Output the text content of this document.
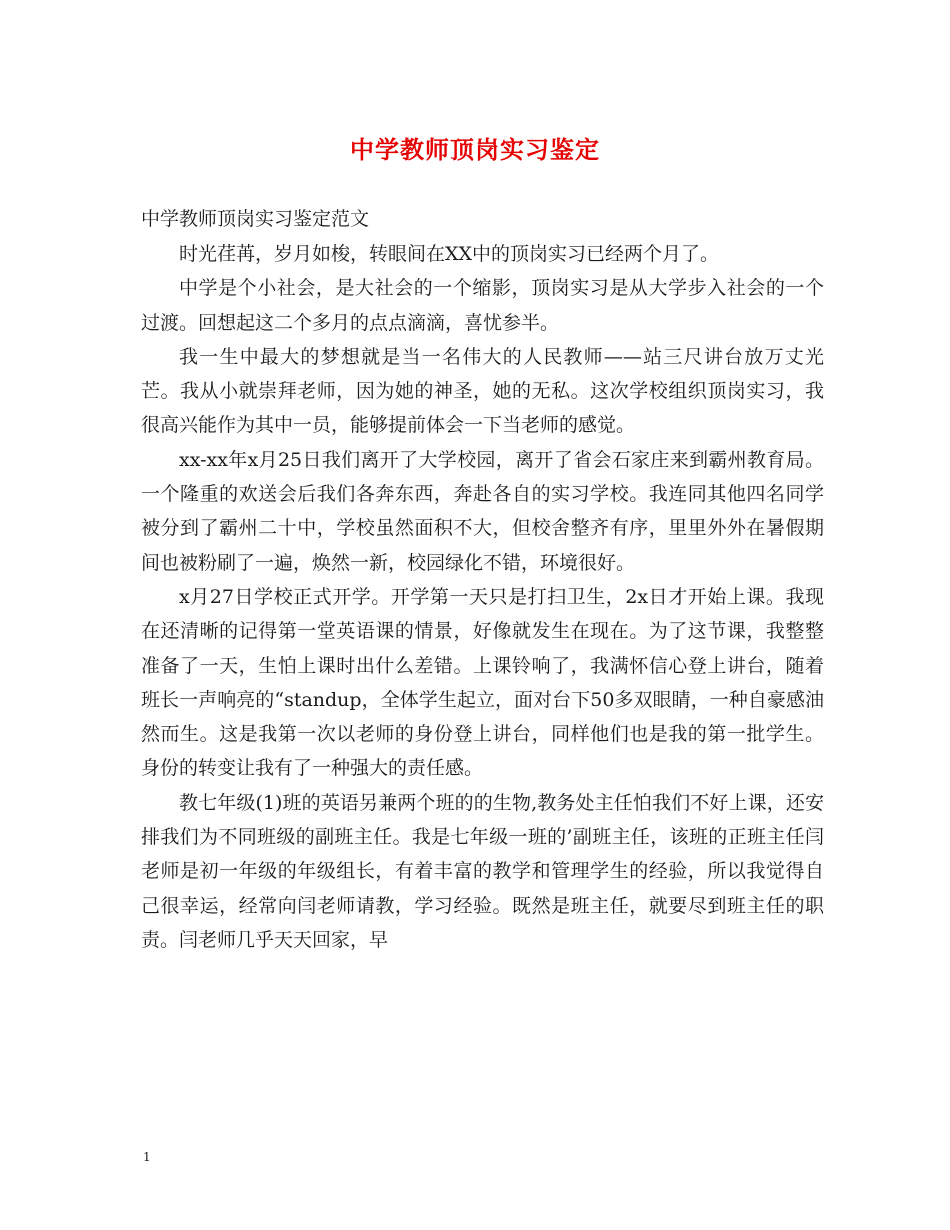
中学教师顶岗实习鉴定
中学教师顶岗实习鉴定范文

时光荏苒，岁月如梭，转眼间在XX中的顶岗实习已经两个月了。

中学是个小社会，是大社会的一个缩影，顶岗实习是从大学步入社会的一个过渡。回想起这二个多月的点点滴滴，喜忧参半。

我一生中最大的梦想就是当一名伟大的人民教师——站三尺讲台放万丈光芒。我从小就崇拜老师，因为她的神圣，她的无私。这次学校组织顶岗实习，我很高兴能作为其中一员，能够提前体会一下当老师的感觉。

xx-xx年x月25日我们离开了大学校园，离开了省会石家庄来到霸州教育局。一个隆重的欢送会后我们各奔东西，奔赴各自的实习学校。我连同其他四名同学被分到了霸州二十中，学校虽然面积不大，但校舍整齐有序，里里外外在暑假期间也被粉刷了一遍，焕然一新，校园绿化不错，环境很好。

x月27日学校正式开学。开学第一天只是打扫卫生，2x日才开始上课。我现在还清晰的记得第一堂英语课的情景，好像就发生在现在。为了这节课，我整整准备了一天，生怕上课时出什么差错。上课铃响了，我满怀信心登上讲台，随着班长一声响亮的“standup，全体学生起立，面对台下50多双眼睛，一种自豪感油然而生。这是我第一次以老师的身份登上讲台，同样他们也是我的第一批学生。身份的转变让我有了一种强大的责任感。

教七年级(1)班的英语另兼两个班的的生物,教务处主任怕我们不好上课，还安排我们为不同班级的副班主任。我是七年级一班的’副班主任，该班的正班主任闫老师是初一年级的年级组长，有着丰富的教学和管理学生的经验，所以我觉得自己很幸运，经常向闫老师请教，学习经验。既然是班主任，就要尽到班主任的职责。闫老师几乎天天回家，早

1
